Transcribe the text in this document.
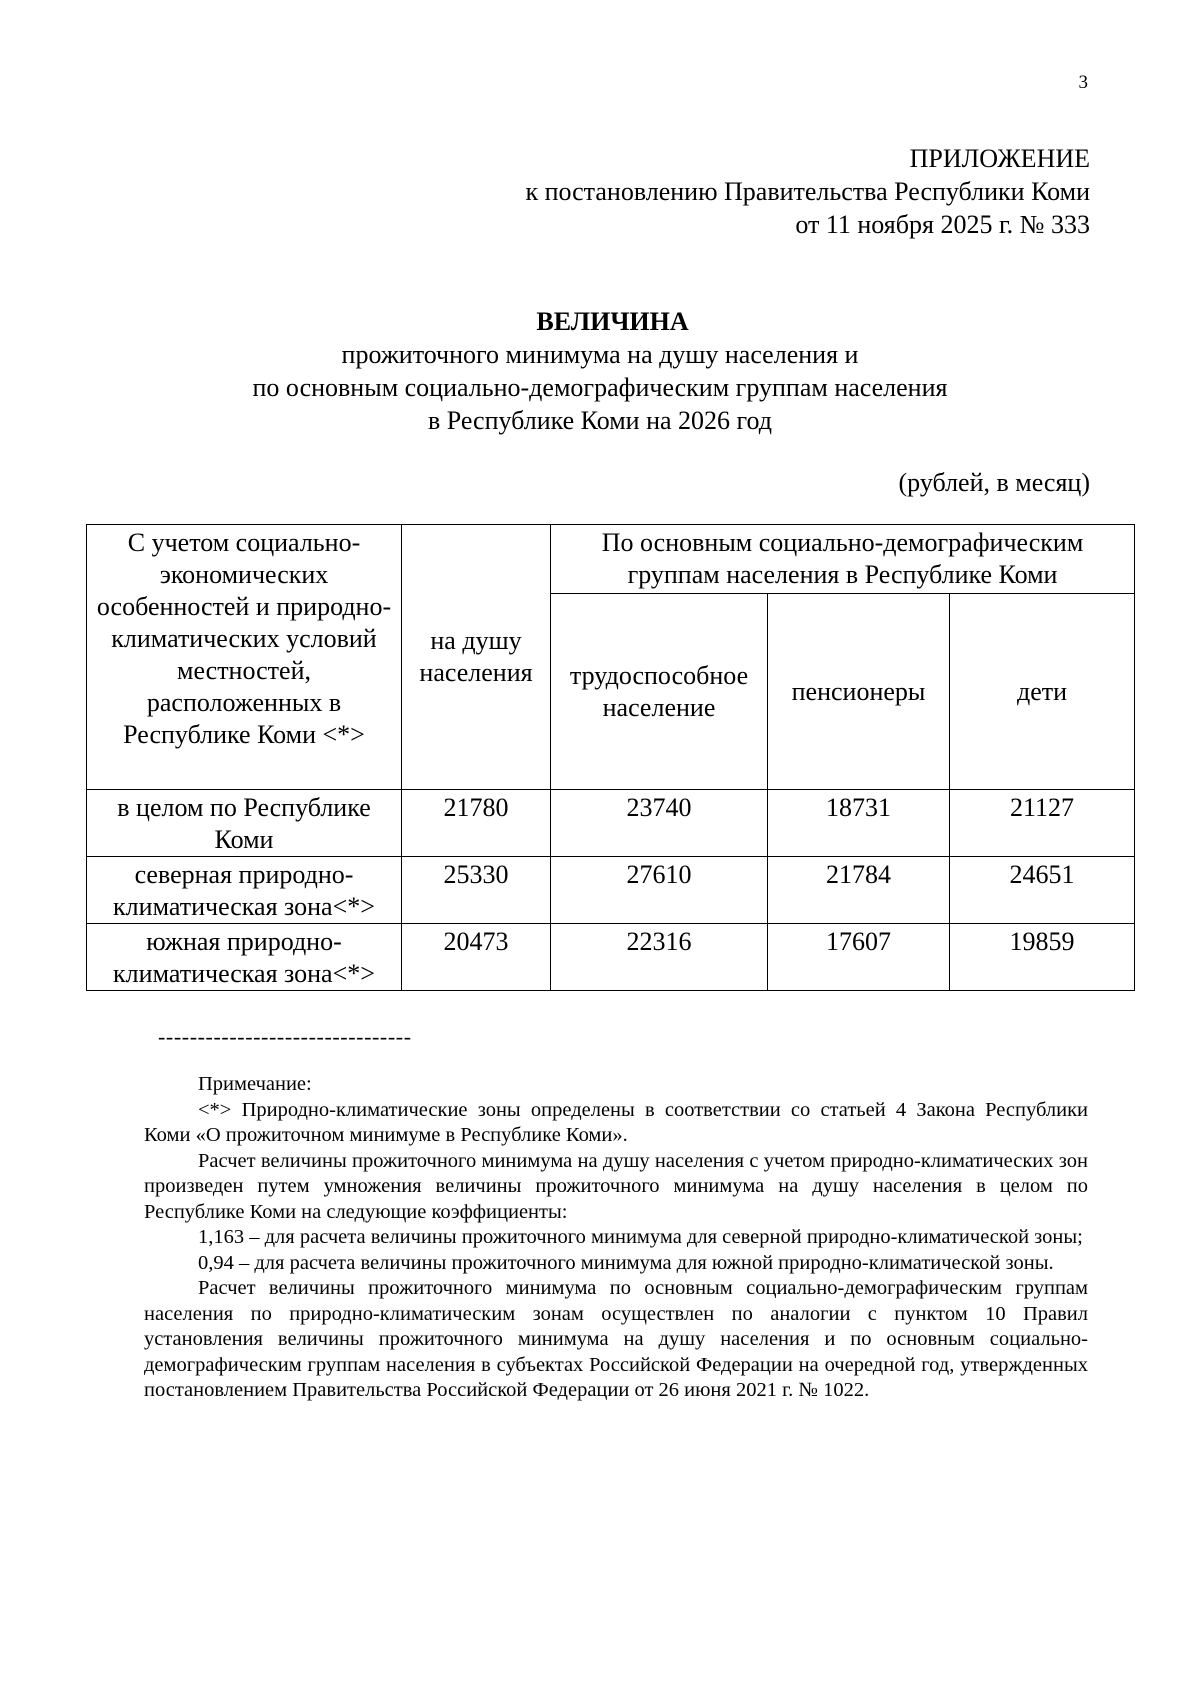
3
ПРИЛОЖЕНИЕ
к постановлению Правительства Республики Коми
от 11 ноября 2025 г. № 333
ВЕЛИЧИНА
прожиточного минимума на душу населения и
по основным социально-демографическим группам населения
в Республике Коми на 2026 год
(рублей, в месяц)
С учетом социально-экономических особенностей и природно-климатических условий местностей, расположенных в Республике Коми <*>	на душу населения	По основным социально-демографическим группам населения в Республике Коми		
		трудоспособное население	пенсионеры	дети
в целом по Республике Коми	21780	23740	18731	21127
северная природно-климатическая зона<*>	25330	27610	21784	24651
южная природно-климатическая зона<*>	20473	22316	17607	19859
--------------------------------

Примечание:

<*> Природно-климатические зоны определены в соответствии со статьей 4 Закона Республики Коми «О прожиточном минимуме в Республике Коми».

Расчет величины прожиточного минимума на душу населения с учетом природно-климатических зон произведен путем умножения величины прожиточного минимума на душу населения в целом по Республике Коми на следующие коэффициенты:

1,163 – для расчета величины прожиточного минимума для северной природно-климатической зоны;

0,94 – для расчета величины прожиточного минимума для южной природно-климатической зоны.

Расчет величины прожиточного минимума по основным социально-демографическим группам населения по природно-климатическим зонам осуществлен по аналогии с пунктом 10 Правил установления величины прожиточного минимума на душу населения и по основным социально-демографическим группам населения в субъектах Российской Федерации на очередной год, утвержденных постановлением Правительства Российской Федерации от 26 июня 2021 г. № 1022.
